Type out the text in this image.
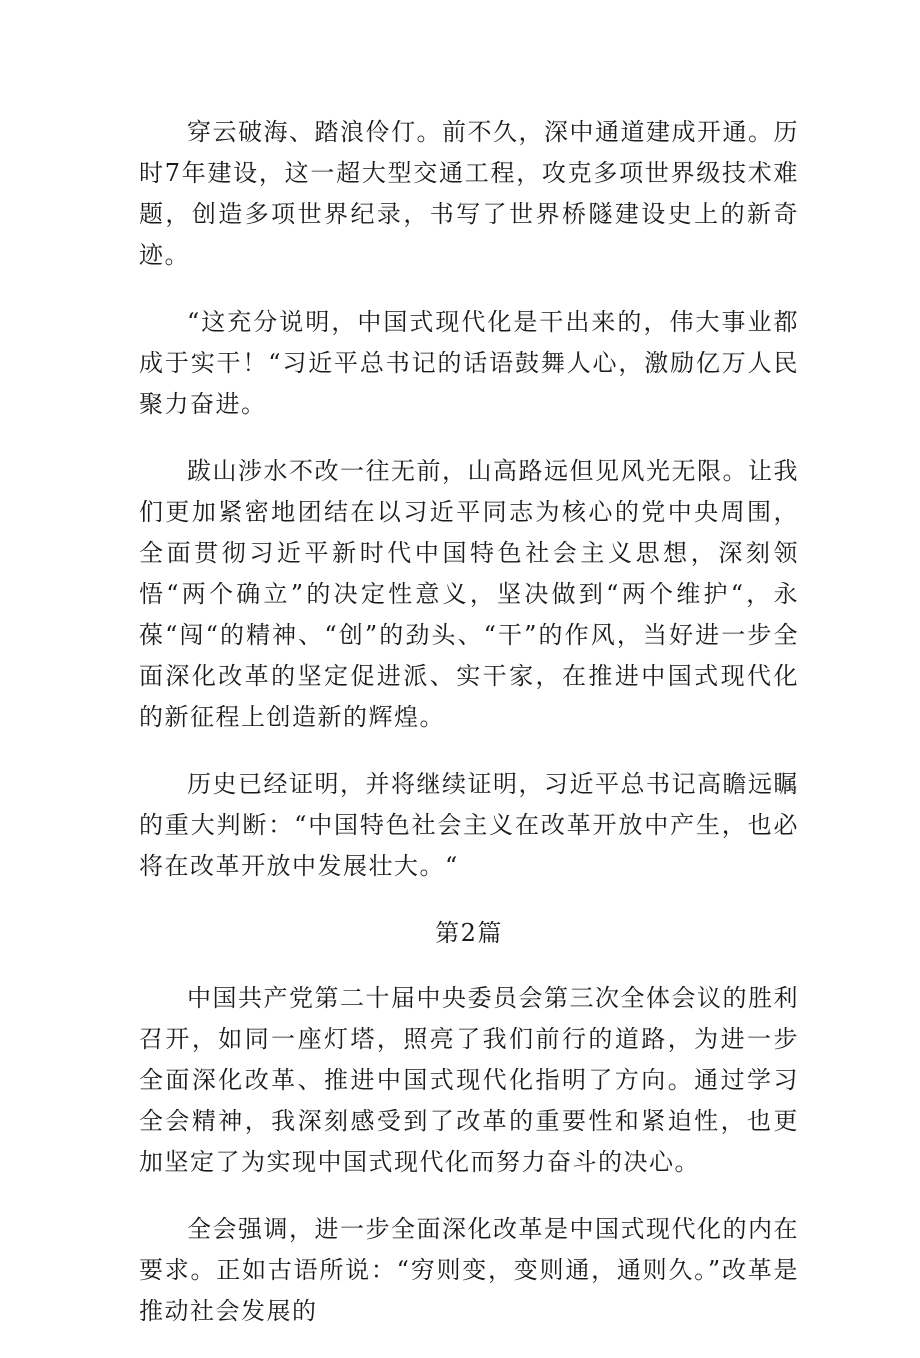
穿云破海、踏浪伶仃。前不久，深中通道建成开通。历时7年建设，这一超大型交通工程，攻克多项世界级技术难题，创造多项世界纪录，书写了世界桥隧建设史上的新奇迹。

“这充分说明，中国式现代化是干出来的，伟大事业都成于实干！“习近平总书记的话语鼓舞人心，激励亿万人民聚力奋进。

跋山涉水不改一往无前，山高路远但见风光无限。让我们更加紧密地团结在以习近平同志为核心的党中央周围，全面贯彻习近平新时代中国特色社会主义思想，深刻领悟“两个确立”的决定性意义，坚决做到“两个维护“，永葆“闯“的精神、“创”的劲头、“干”的作风，当好进一步全面深化改革的坚定促进派、实干家，在推进中国式现代化的新征程上创造新的辉煌。

历史已经证明，并将继续证明，习近平总书记高瞻远瞩的重大判断：“中国特色社会主义在改革开放中产生，也必将在改革开放中发展壮大。“

第2篇

中国共产党第二十届中央委员会第三次全体会议的胜利召开，如同一座灯塔，照亮了我们前行的道路，为进一步全面深化改革、推进中国式现代化指明了方向。通过学习全会精神，我深刻感受到了改革的重要性和紧迫性，也更加坚定了为实现中国式现代化而努力奋斗的决心。

全会强调，进一步全面深化改革是中国式现代化的内在要求。正如古语所说：“穷则变，变则通，通则久。”改革是推动社会发展的
